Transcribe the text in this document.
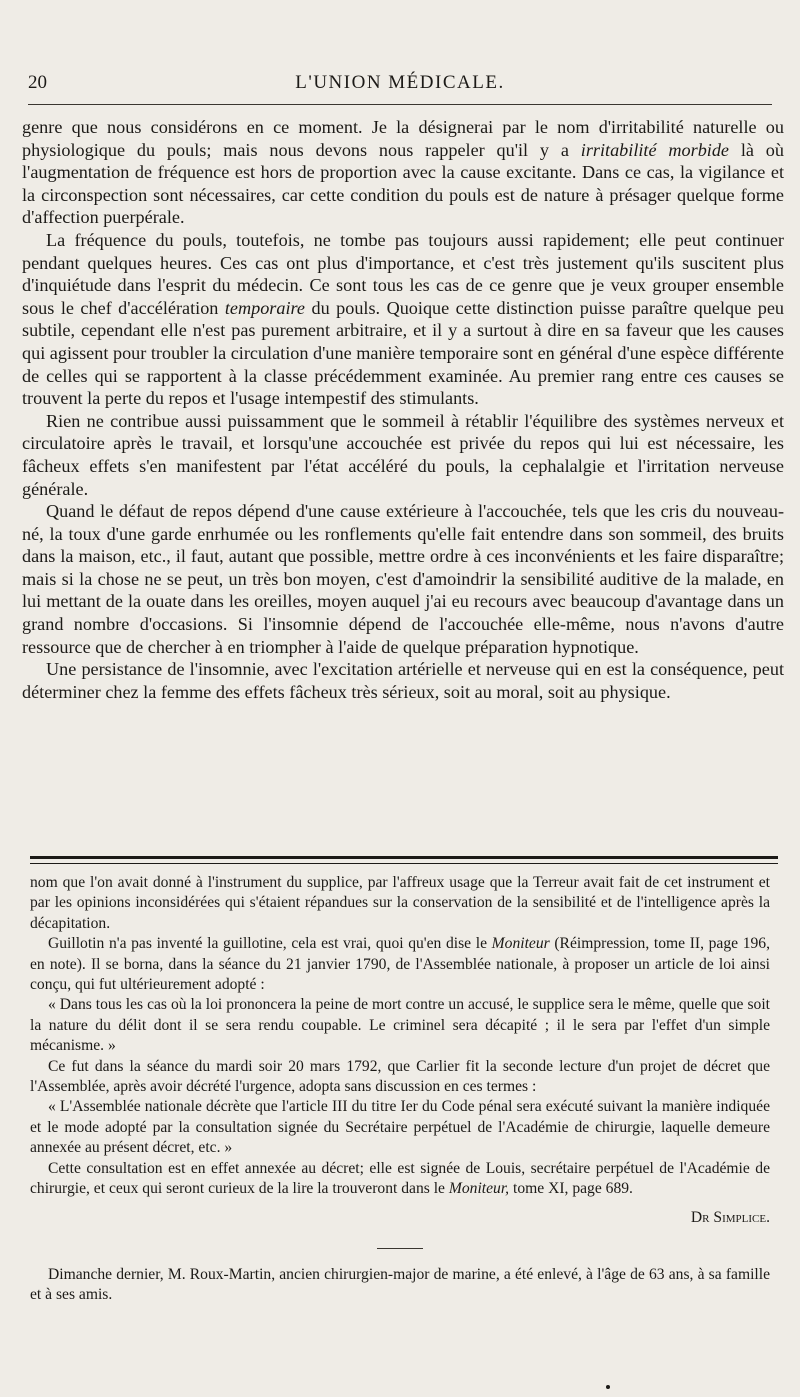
20	L'UNION MÉDICALE.

genre que nous considérons en ce moment. Je la désignerai par le nom d'irritabilité naturelle ou physiologique du pouls; mais nous devons nous rappeler qu'il y a irritabilité morbide là où l'augmentation de fréquence est hors de proportion avec la cause excitante. Dans ce cas, la vigilance et la circonspection sont nécessaires, car cette condition du pouls est de nature à présager quelque forme d'affection puerpérale.

La fréquence du pouls, toutefois, ne tombe pas toujours aussi rapidement; elle peut continuer pendant quelques heures. Ces cas ont plus d'importance, et c'est très justement qu'ils suscitent plus d'inquiétude dans l'esprit du médecin. Ce sont tous les cas de ce genre que je veux grouper ensemble sous le chef d'accélération temporaire du pouls. Quoique cette distinction puisse paraître quelque peu subtile, cependant elle n'est pas purement arbitraire, et il y a surtout à dire en sa faveur que les causes qui agissent pour troubler la circulation d'une manière temporaire sont en général d'une espèce différente de celles qui se rapportent à la classe précédemment examinée. Au premier rang entre ces causes se trouvent la perte du repos et l'usage intempestif des stimulants.

Rien ne contribue aussi puissamment que le sommeil à rétablir l'équilibre des systèmes nerveux et circulatoire après le travail, et lorsqu'une accouchée est privée du repos qui lui est nécessaire, les fâcheux effets s'en manifestent par l'état accéléré du pouls, la cephalalgie et l'irritation nerveuse générale.

Quand le défaut de repos dépend d'une cause extérieure à l'accouchée, tels que les cris du nouveau-né, la toux d'une garde enrhumée ou les ronflements qu'elle fait entendre dans son sommeil, des bruits dans la maison, etc., il faut, autant que possible, mettre ordre à ces inconvénients et les faire disparaître; mais si la chose ne se peut, un très bon moyen, c'est d'amoindrir la sensibilité auditive de la malade, en lui mettant de la ouate dans les oreilles, moyen auquel j'ai eu recours avec beaucoup d'avantage dans un grand nombre d'occasions. Si l'insomnie dépend de l'accouchée elle-même, nous n'avons d'autre ressource que de chercher à en triompher à l'aide de quelque préparation hypnotique.

Une persistance de l'insomnie, avec l'excitation artérielle et nerveuse qui en est la conséquence, peut déterminer chez la femme des effets fâcheux très sérieux, soit au moral, soit au physique.

nom que l'on avait donné à l'instrument du supplice, par l'affreux usage que la Terreur avait fait de cet instrument et par les opinions inconsidérées qui s'étaient répandues sur la conservation de la sensibilité et de l'intelligence après la décapitation.

Guillotin n'a pas inventé la guillotine, cela est vrai, quoi qu'en dise le Moniteur (Réimpression, tome II, page 196, en note). Il se borna, dans la séance du 21 janvier 1790, de l'Assemblée nationale, à proposer un article de loi ainsi conçu, qui fut ultérieurement adopté :

« Dans tous les cas où la loi prononcera la peine de mort contre un accusé, le supplice sera le même, quelle que soit la nature du délit dont il se sera rendu coupable. Le criminel sera décapité ; il le sera par l'effet d'un simple mécanisme. »

Ce fut dans la séance du mardi soir 20 mars 1792, que Carlier fit la seconde lecture d'un projet de décret que l'Assemblée, après avoir décrété l'urgence, adopta sans discussion en ces termes :

« L'Assemblée nationale décrète que l'article III du titre Ier du Code pénal sera exécuté suivant la manière indiquée et le mode adopté par la consultation signée du Secrétaire perpétuel de l'Académie de chirurgie, laquelle demeure annexée au présent décret, etc. »

Cette consultation est en effet annexée au décret; elle est signée de Louis, secrétaire perpétuel de l'Académie de chirurgie, et ceux qui seront curieux de la lire la trouveront dans le Moniteur, tome XI, page 689.

Dr Simplice.

Dimanche dernier, M. Roux-Martin, ancien chirurgien-major de marine, a été enlevé, à l'âge de 63 ans, à sa famille et à ses amis.
